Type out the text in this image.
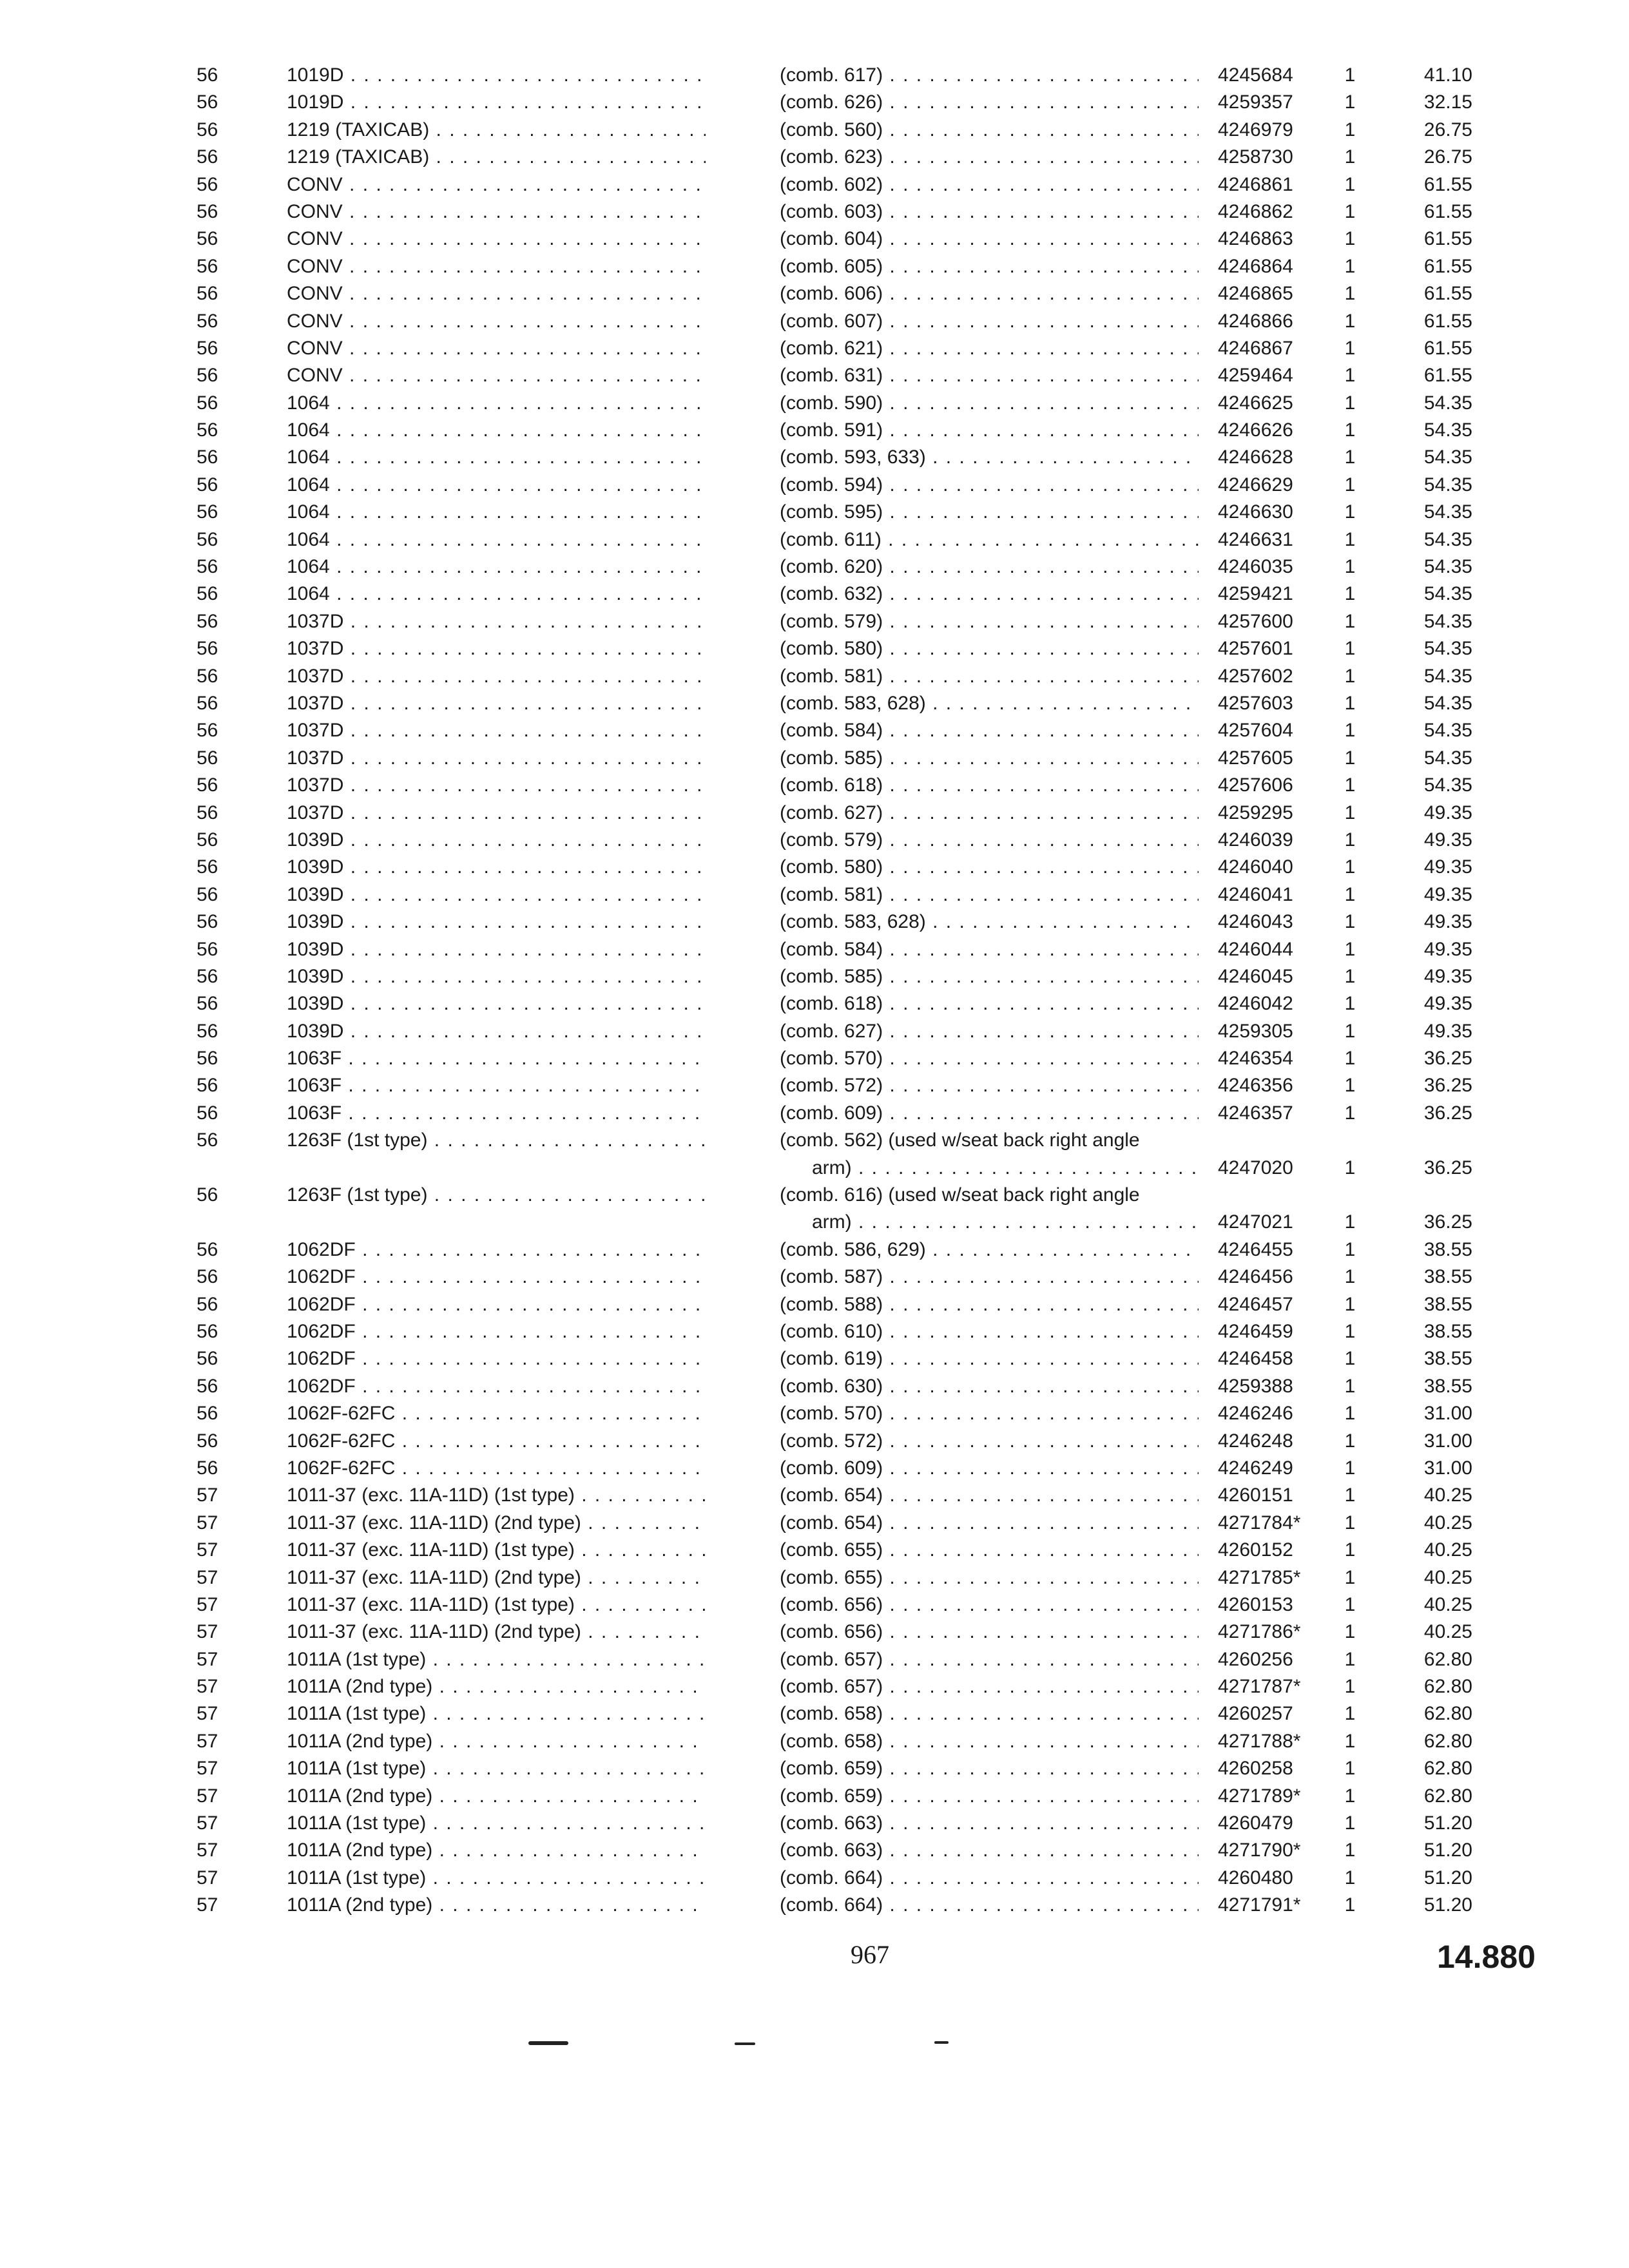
56	1019D . . .	(comb. 617) . . .	4245684	1	41.10
56	1019D . . .	(comb. 626) . . .	4259357	1	32.15
56	1219 (TAXICAB) . . .	(comb. 560) . . .	4246979	1	26.75
56	1219 (TAXICAB) . . .	(comb. 623) . . .	4258730	1	26.75
56	CONV . . .	(comb. 602) . . .	4246861	1	61.55
56	CONV . . .	(comb. 603) . . .	4246862	1	61.55
56	CONV . . .	(comb. 604) . . .	4246863	1	61.55
56	CONV . . .	(comb. 605) . . .	4246864	1	61.55
56	CONV . . .	(comb. 606) . . .	4246865	1	61.55
56	CONV . . .	(comb. 607) . . .	4246866	1	61.55
56	CONV . . .	(comb. 621) . . .	4246867	1	61.55
56	CONV . . .	(comb. 631) . . .	4259464	1	61.55
56	1064 . . .	(comb. 590) . . .	4246625	1	54.35
56	1064 . . .	(comb. 591) . . .	4246626	1	54.35
56	1064 . . .	(comb. 593, 633) . . .	4246628	1	54.35
56	1064 . . .	(comb. 594) . . .	4246629	1	54.35
56	1064 . . .	(comb. 595) . . .	4246630	1	54.35
56	1064 . . .	(comb. 611) . . .	4246631	1	54.35
56	1064 . . .	(comb. 620) . . .	4246035	1	54.35
56	1064 . . .	(comb. 632) . . .	4259421	1	54.35
56	1037D . . .	(comb. 579) . . .	4257600	1	54.35
56	1037D . . .	(comb. 580) . . .	4257601	1	54.35
56	1037D . . .	(comb. 581) . . .	4257602	1	54.35
56	1037D . . .	(comb. 583, 628) . . .	4257603	1	54.35
56	1037D . . .	(comb. 584) . . .	4257604	1	54.35
56	1037D . . .	(comb. 585) . . .	4257605	1	54.35
56	1037D . . .	(comb. 618) . . .	4257606	1	54.35
56	1037D . . .	(comb. 627) . . .	4259295	1	49.35
56	1039D . . .	(comb. 579) . . .	4246039	1	49.35
56	1039D . . .	(comb. 580) . . .	4246040	1	49.35
56	1039D . . .	(comb. 581) . . .	4246041	1	49.35
56	1039D . . .	(comb. 583, 628) . . .	4246043	1	49.35
56	1039D . . .	(comb. 584) . . .	4246044	1	49.35
56	1039D . . .	(comb. 585) . . .	4246045	1	49.35
56	1039D . . .	(comb. 618) . . .	4246042	1	49.35
56	1039D . . .	(comb. 627) . . .	4259305	1	49.35
56	1063F . . .	(comb. 570) . . .	4246354	1	36.25
56	1063F . . .	(comb. 572) . . .	4246356	1	36.25
56	1063F . . .	(comb. 609) . . .	4246357	1	36.25
56	1263F (1st type) . . .	(comb. 562) (used w/seat back right angle
arm) . . .	4247020	1	36.25
56	1263F (1st type) . . .	(comb. 616) (used w/seat back right angle
arm) . . .	4247021	1	36.25
56	1062DF . . .	(comb. 586, 629) . . .	4246455	1	38.55
56	1062DF . . .	(comb. 587) . . .	4246456	1	38.55
56	1062DF . . .	(comb. 588) . . .	4246457	1	38.55
56	1062DF . . .	(comb. 610) . . .	4246459	1	38.55
56	1062DF . . .	(comb. 619) . . .	4246458	1	38.55
56	1062DF . . .	(comb. 630) . . .	4259388	1	38.55
56	1062F-62FC . . .	(comb. 570) . . .	4246246	1	31.00
56	1062F-62FC . . .	(comb. 572) . . .	4246248	1	31.00
56	1062F-62FC . . .	(comb. 609) . . .	4246249	1	31.00
57	1011-37 (exc. 11A-11D) (1st type) . . .	(comb. 654) . . .	4260151	1	40.25
57	1011-37 (exc. 11A-11D) (2nd type) . . .	(comb. 654) . . .	4271784*	1	40.25
57	1011-37 (exc. 11A-11D) (1st type) . . .	(comb. 655) . . .	4260152	1	40.25
57	1011-37 (exc. 11A-11D) (2nd type) . . .	(comb. 655) . . .	4271785*	1	40.25
57	1011-37 (exc. 11A-11D) (1st type) . . .	(comb. 656) . . .	4260153	1	40.25
57	1011-37 (exc. 11A-11D) (2nd type) . . .	(comb. 656) . . .	4271786*	1	40.25
57	1011A (1st type) . . .	(comb. 657) . . .	4260256	1	62.80
57	1011A (2nd type) . . .	(comb. 657) . . .	4271787*	1	62.80
57	1011A (1st type) . . .	(comb. 658) . . .	4260257	1	62.80
57	1011A (2nd type) . . .	(comb. 658) . . .	4271788*	1	62.80
57	1011A (1st type) . . .	(comb. 659) . . .	4260258	1	62.80
57	1011A (2nd type) . . .	(comb. 659) . . .	4271789*	1	62.80
57	1011A (1st type) . . .	(comb. 663) . . .	4260479	1	51.20
57	1011A (2nd type) . . .	(comb. 663) . . .	4271790*	1	51.20
57	1011A (1st type) . . .	(comb. 664) . . .	4260480	1	51.20
57	1011A (2nd type) . . .	(comb. 664) . . .	4271791*	1	51.20
967	14.880
